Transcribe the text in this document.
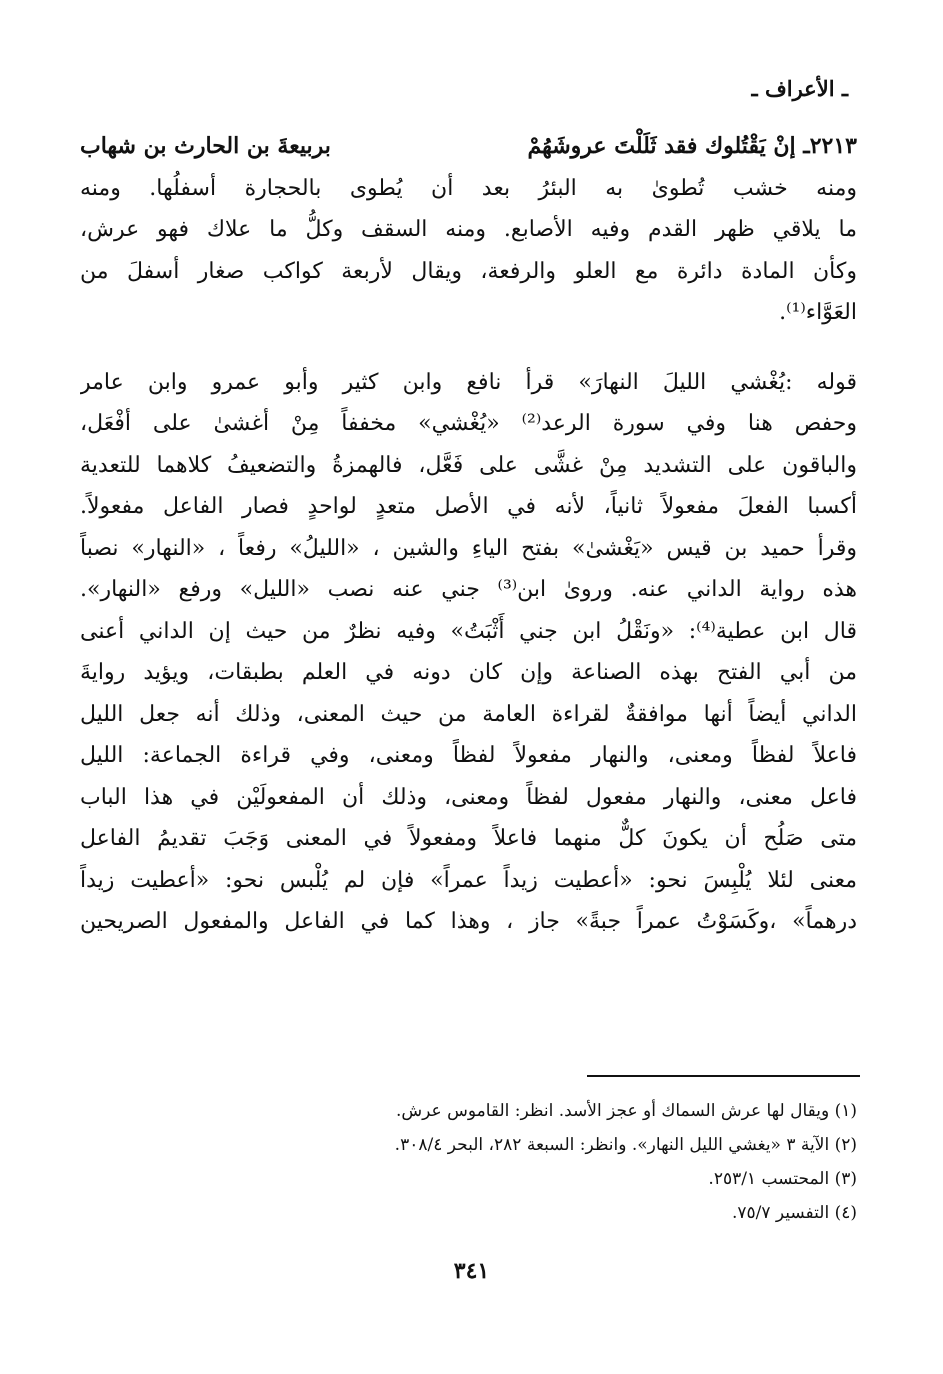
ـ الأعراف ـ
٢٢١٣ـ إنْ يَقْتُلوك فقد ثَلَلْتَ عروشَهُمْ
بربيعةَ بن الحارث بن شهاب
ومنه خشب تُطوىٰ به البئرُ بعد أن يُطوى بالحجارة أسفلُها. ومنه
ما يلاقي ظهر القدم وفيه الأصابع. ومنه السقف وكلُّ ما علاك فهو عرش،
وكأن المادة دائرة مع العلو والرفعة، ويقال لأربعة كواكب صغار أسفلَ من
العَوَّاء⁽¹⁾.
قوله :يُغْشي الليلَ النهارَ» قرأ نافع وابن كثير وأبو عمرو وابن عامر
وحفص هنا وفي سورة الرعد⁽²⁾ «يُغْشي» مخففاً مِنْ أغشىٰ على أفْعَل،
والباقون على التشديد مِنْ غشَّى على فَعَّل، فالهمزةُ والتضعيفُ كلاهما للتعدية
أكسبا الفعلَ مفعولاً ثانياً، لأنه في الأصل متعدٍ لواحدٍ فصار الفاعل مفعولاً.
وقرأ حميد بن قيس «يَغْشىٰ» بفتح الياءِ والشين ، «الليلُ» رفعاً ، «النهار» نصباً
هذه رواية الداني عنه. وروىٰ ابن⁽³⁾ جني عنه نصب «الليل» ورفع «النهار».
قال ابن عطية⁽⁴⁾: «ونَقْلُ ابن جني أَثْبَتُ» وفيه نظرٌ من حيث إن الداني أعنى
من أبي الفتح بهذه الصناعة وإن كان دونه في العلم بطبقات، ويؤيد روايةَ
الداني أيضاً أنها موافقةٌ لقراءة العامة من حيث المعنى، وذلك أنه جعل الليل
فاعلاً لفظاً ومعنى، والنهار مفعولاً لفظاً ومعنى، وفي قراءة الجماعة: الليل
فاعل معنى، والنهار مفعول لفظاً ومعنى، وذلك أن المفعولَيْن في هذا الباب
متى صَلُح أن يكونَ كلٌّ منهما فاعلاً ومفعولاً في المعنى وَجَبَ تقديمُ الفاعل
معنى لئلا يُلْبِسَ نحو: «أعطيت زيداً عمراً» فإن لم يُلْبس نحو: «أعطيت زيداً
درهماً» ،وكَسَوْتُ عمراً جبةً» جاز ، وهذا كما في الفاعل والمفعول الصريحين
(١) ويقال لها عرش السماك أو عجز الأسد. انظر: القاموس عرش.
(٢) الآية ٣ «يغشي الليل النهار». وانظر: السبعة ٢٨٢، البحر ٣٠٨/٤.
(٣) المحتسب ٢٥٣/١.
(٤) التفسير ٧٥/٧.
٣٤١
